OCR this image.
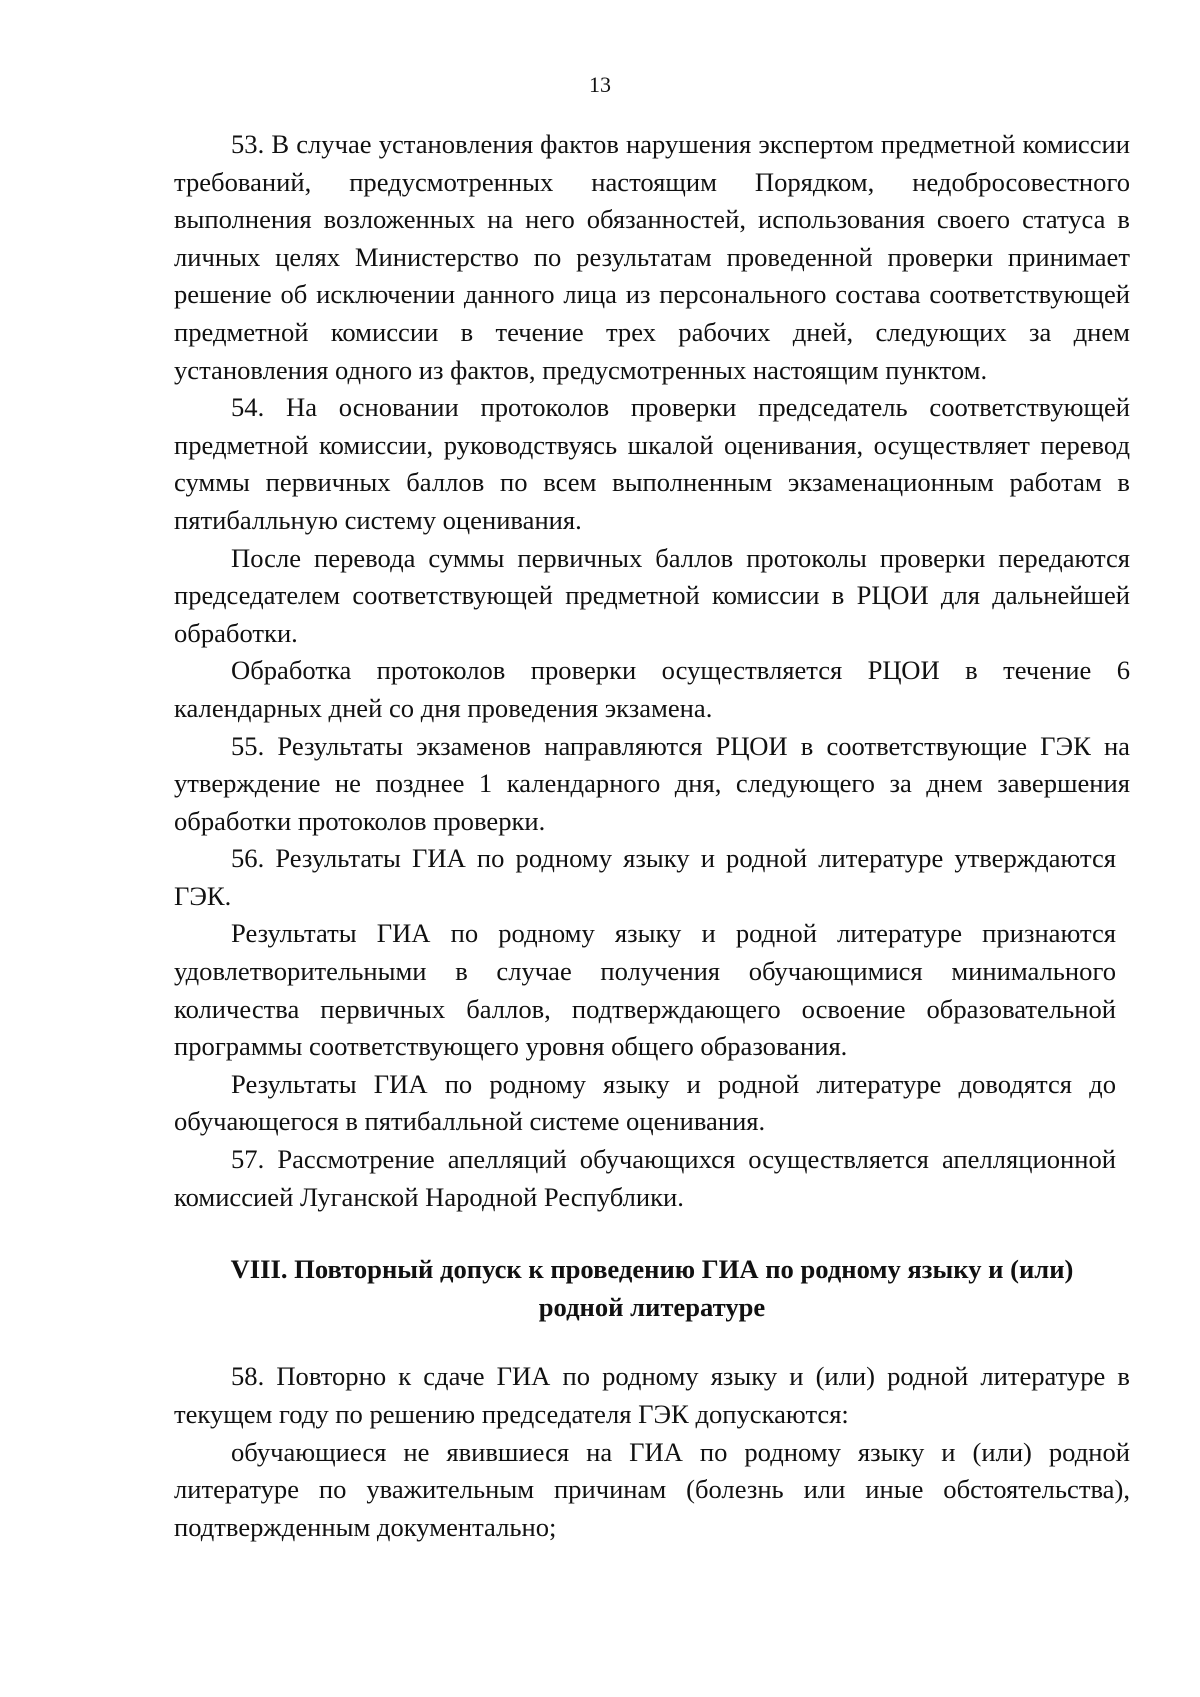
13

53. В случае установления фактов нарушения экспертом предметной комиссии требований, предусмотренных настоящим Порядком, недобросовестного выполнения возложенных на него обязанностей, использования своего статуса в личных целях Министерство по результатам проведенной проверки принимает решение об исключении данного лица из персонального состава соответствующей предметной комиссии в течение трех рабочих дней, следующих за днем установления одного из фактов, предусмотренных настоящим пунктом.

54. На основании протоколов проверки председатель соответствующей предметной комиссии, руководствуясь шкалой оценивания, осуществляет перевод суммы первичных баллов по всем выполненным экзаменационным работам в пятибалльную систему оценивания.

После перевода суммы первичных баллов протоколы проверки передаются председателем соответствующей предметной комиссии в РЦОИ для дальнейшей обработки.

Обработка протоколов проверки осуществляется РЦОИ в течение 6 календарных дней со дня проведения экзамена.

55. Результаты экзаменов направляются РЦОИ в соответствующие ГЭК на утверждение не позднее 1 календарного дня, следующего за днем завершения обработки протоколов проверки.

56. Результаты ГИА по родному языку и родной литературе утверждаются ГЭК.

Результаты ГИА по родному языку и родной литературе признаются удовлетворительными в случае получения обучающимися минимального количества первичных баллов, подтверждающего освоение образовательной программы соответствующего уровня общего образования.

Результаты ГИА по родному языку и родной литературе доводятся до обучающегося в пятибалльной системе оценивания.

57. Рассмотрение апелляций обучающихся осуществляется апелляционной комиссией Луганской Народной Республики.

VIII. Повторный допуск к проведению ГИА по родному языку и (или)
родной литературе

58. Повторно к сдаче ГИА по родному языку и (или) родной литературе в текущем году по решению председателя ГЭК допускаются:

обучающиеся не явившиеся на ГИА по родному языку и (или) родной литературе по уважительным причинам (болезнь или иные обстоятельства), подтвержденным документально;
